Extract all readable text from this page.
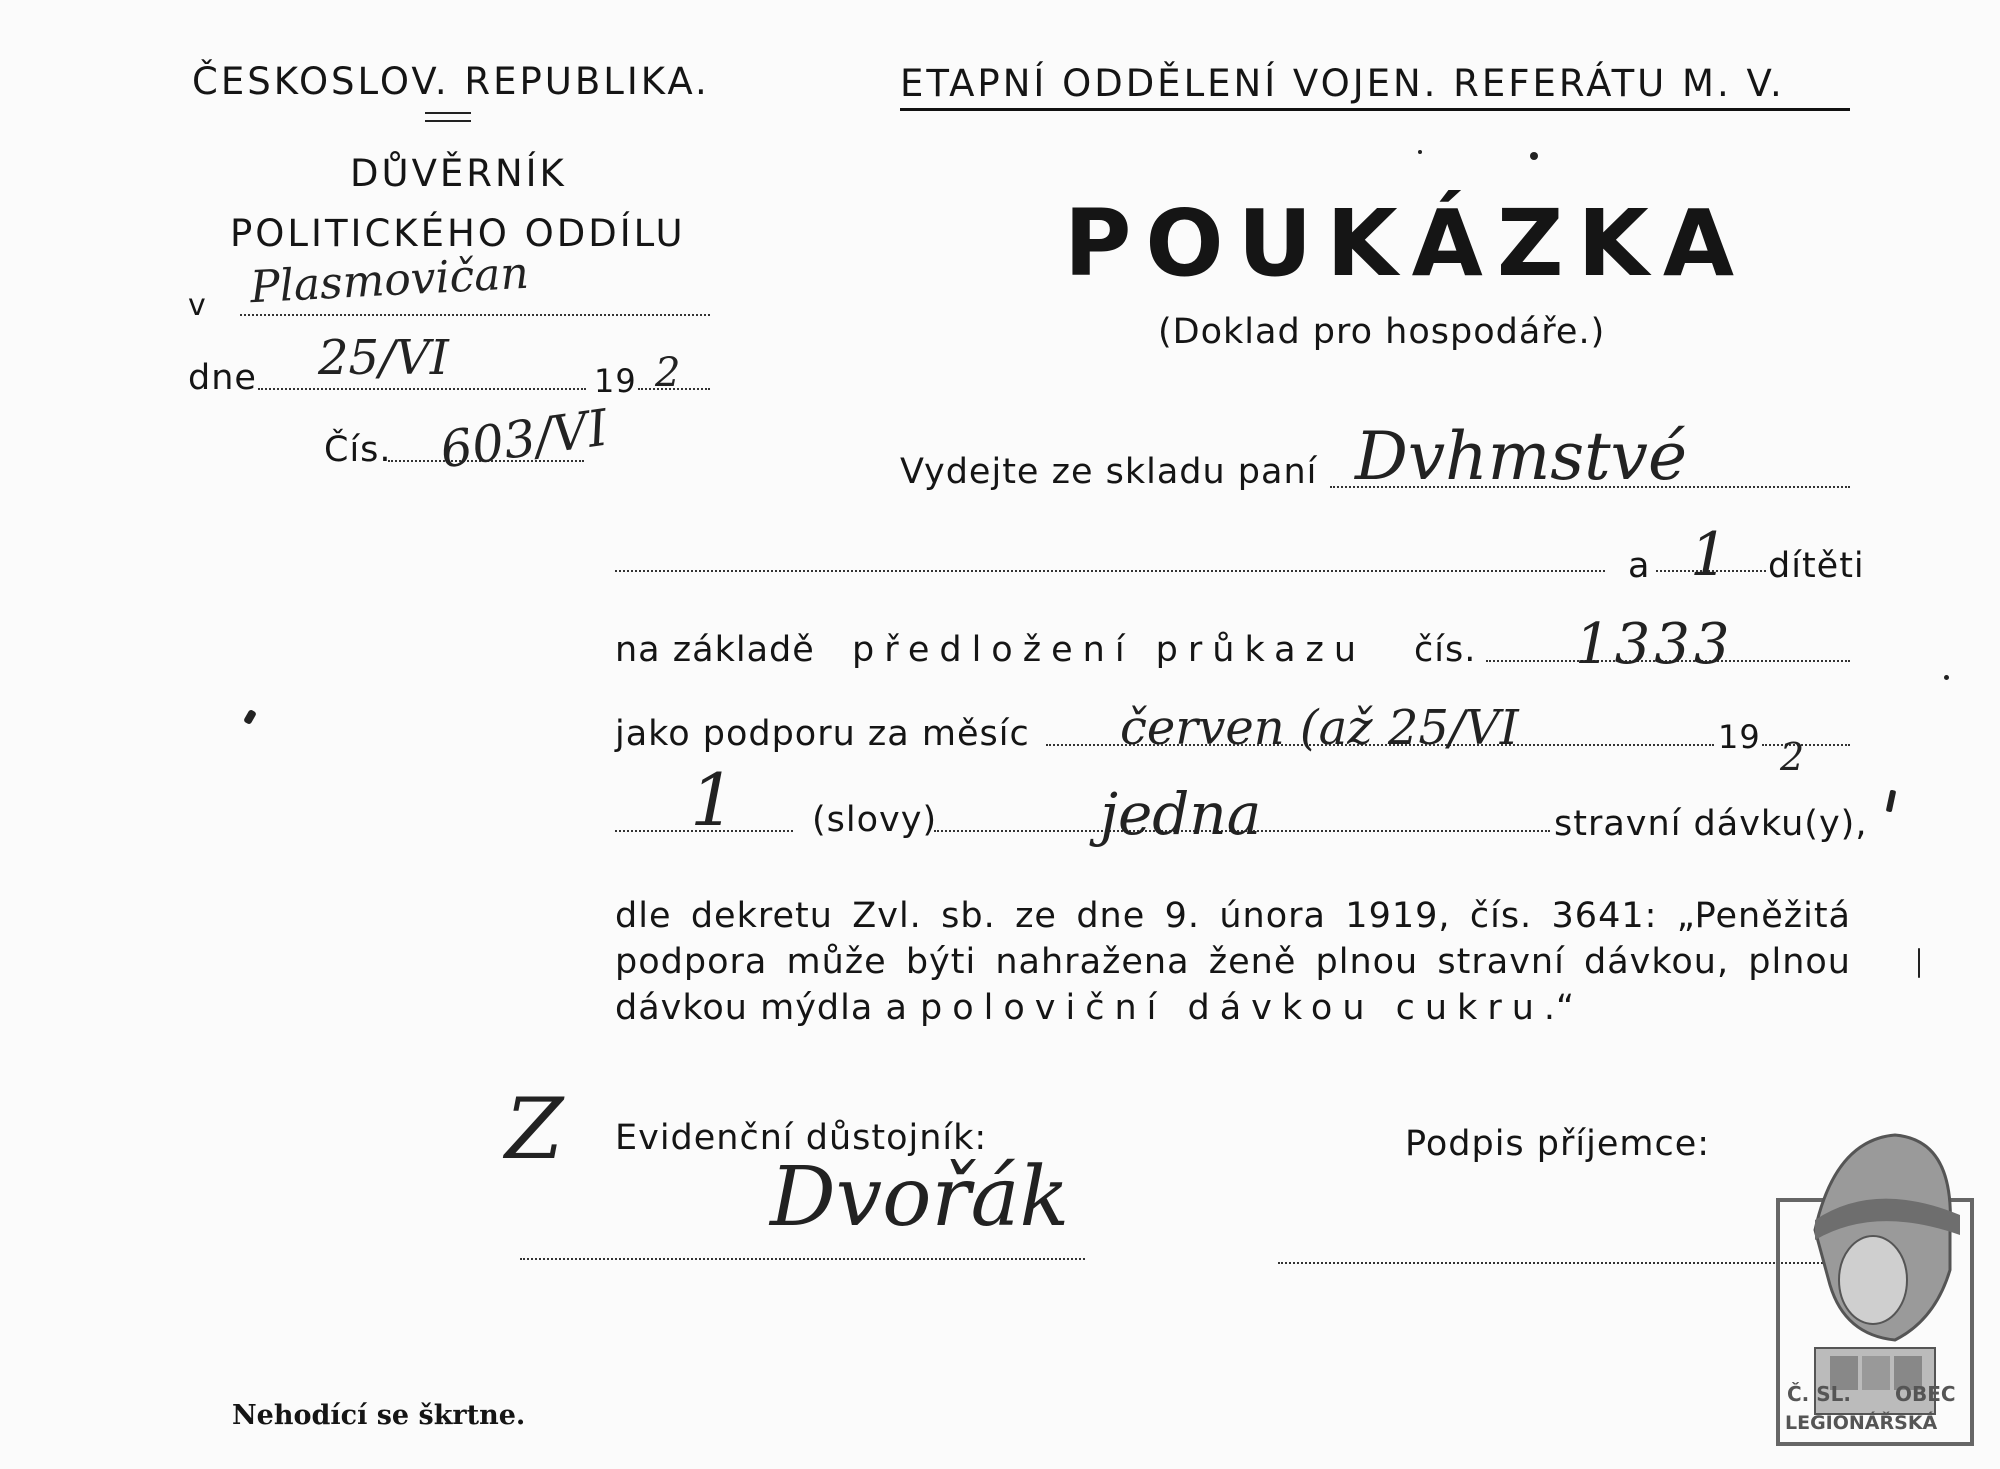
ČESKOSLOV. REPUBLIKA.
DŮVĚRNÍK
POLITICKÉHO ODDÍLU
v Plasmovičan
dne 25/VI	19 2
Čís. 603/VI
ETAPNÍ ODDĚLENÍ VOJEN. REFERÁTU M. V.
POUKÁZKA
(Doklad pro hospodáře.)
Vydejte ze skladu paní Dvhmstvé
a 1 dítěti
na základě předložení průkazu čís. 1333
jako podporu za měsíc červen (až 25/VI	19 2
1 (slovy)	jedna	stravní dávku(y),
dle dekretu Zvl. sb. ze dne 9. února 1919, čís. 3641: „Peněžitá podpora může býti nahražena ženě plnou stravní dávkou, plnou dávkou mýdla a poloviční dávkou cukru.“
Z Evidenční důstojník:
Dvořák
Podpis příjemce:
Nehodící se škrtne.
Č. SL. OBEC
LEGIONÁŘSKÁ
